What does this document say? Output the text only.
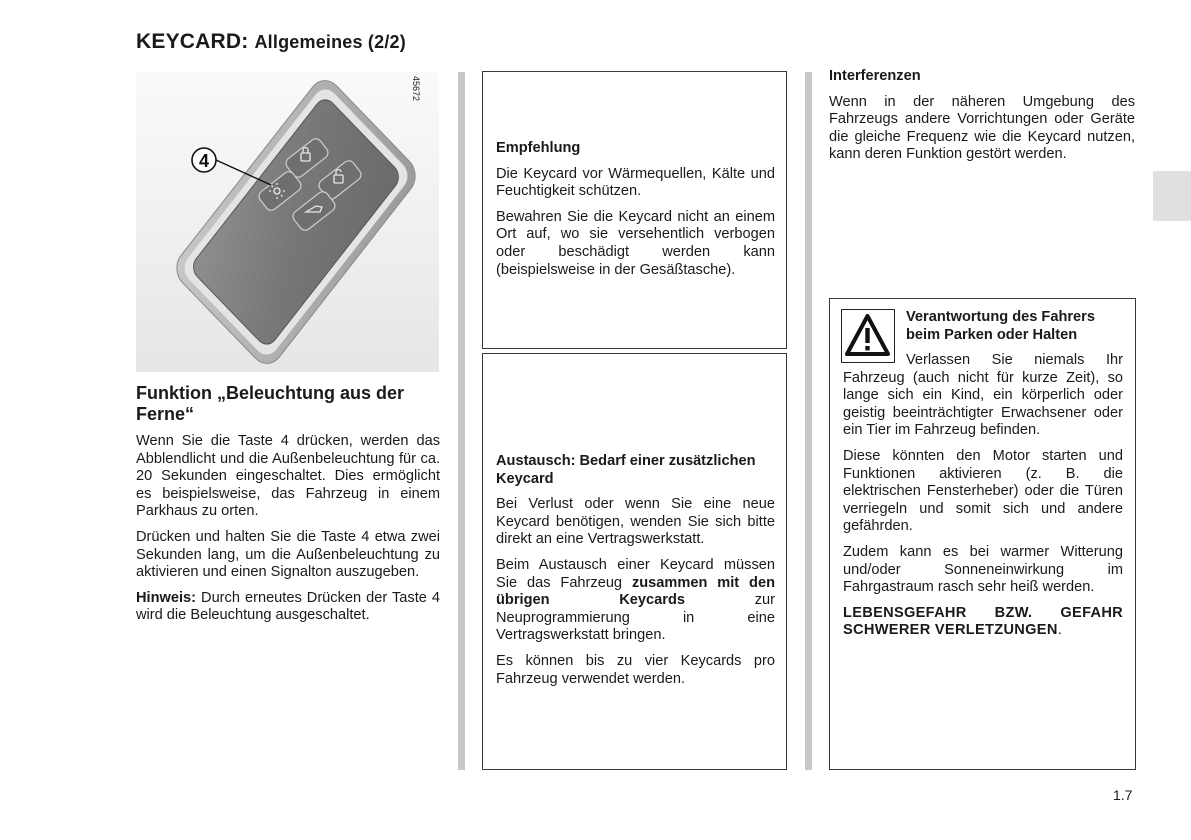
KEYCARD: Allgemeines (2/2)
4
45672
Funktion „Beleuchtung aus der Ferne“

Wenn Sie die Taste 4 drücken, werden das Abblendlicht und die Außenbeleuchtung für ca. 20 Sekunden eingeschaltet. Dies ermöglicht es beispielsweise, das Fahrzeug in einem Parkhaus zu orten.

Drücken und halten Sie die Taste 4 etwa zwei Sekunden lang, um die Außenbeleuchtung zu aktivieren und einen Signalton auszugeben.

Hinweis: Durch erneutes Drücken der Taste 4 wird die Beleuchtung ausgeschaltet.

Empfehlung

Die Keycard vor Wärmequellen, Kälte und Feuchtigkeit schützen.

Bewahren Sie die Keycard nicht an einem Ort auf, wo sie versehentlich verbogen oder beschädigt werden kann (beispielsweise in der Gesäßtasche).

Austausch: Bedarf einer zusätzlichen Keycard

Bei Verlust oder wenn Sie eine neue Keycard benötigen, wenden Sie sich bitte direkt an eine Vertragswerkstatt.

Beim Austausch einer Keycard müssen Sie das Fahrzeug zusammen mit den übrigen Keycards zur Neuprogrammierung in eine Vertragswerkstatt bringen.

Es können bis zu vier Keycards pro Fahrzeug verwendet werden.

Interferenzen

Wenn in der näheren Umgebung des Fahrzeugs andere Vorrichtungen oder Geräte die gleiche Frequenz wie die Keycard nutzen, kann deren Funktion gestört werden.

Verantwortung des Fahrers beim Parken oder Halten

Verlassen Sie niemals Ihr Fahrzeug (auch nicht für kurze Zeit), so lange sich ein Kind, ein körperlich oder geistig beeinträchtigter Erwachsener oder ein Tier im Fahrzeug befinden.

Diese könnten den Motor starten und Funktionen aktivieren (z. B. die elektrischen Fensterheber) oder die Türen verriegeln und somit sich und andere gefährden.

Zudem kann es bei warmer Witterung und/oder Sonneneinwirkung im Fahrgastraum rasch sehr heiß werden.

LEBENSGEFAHR BZW. GEFAHR SCHWERER VERLETZUNGEN.

1.7
